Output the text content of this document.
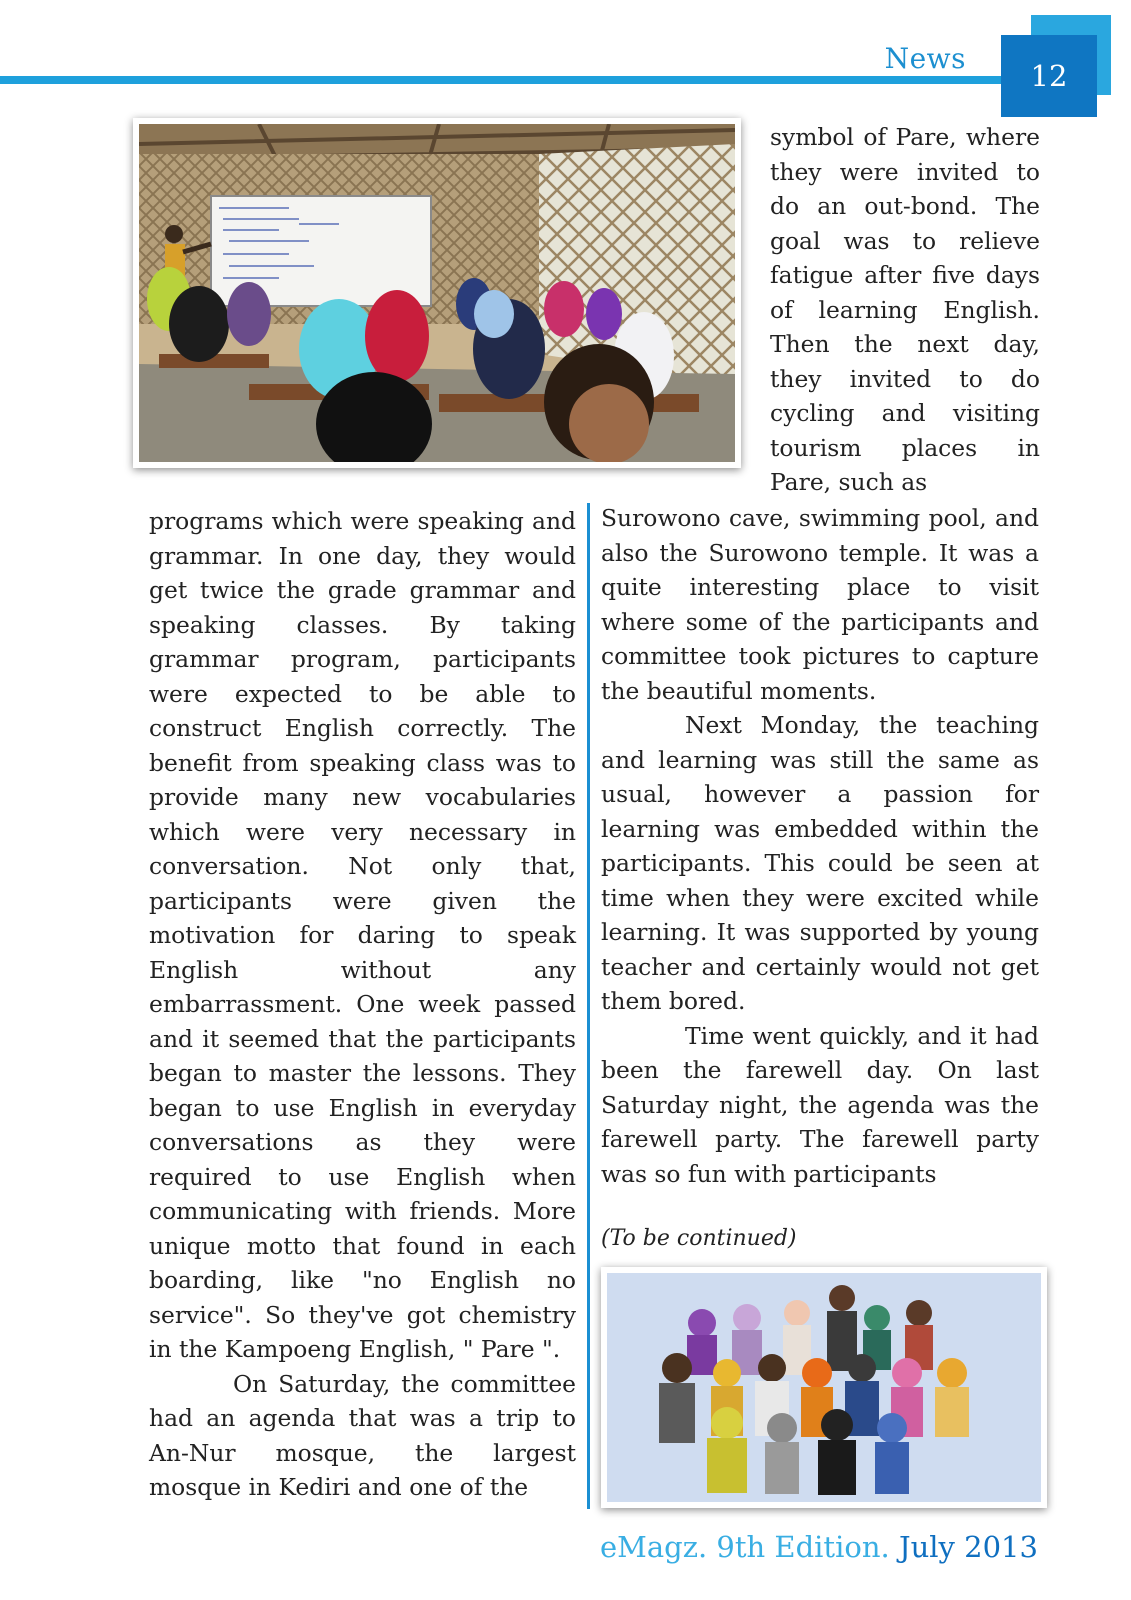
News
12

symbol of Pare, where they were invited to do an out-bond. The goal was to relieve fatigue after five days of learning English. Then the next day, they invited to do cycling and visiting tourism places in Pare, such as

programs which were speaking and grammar. In one day, they would get twice the grade grammar and speaking classes. By taking grammar program, participants were expected to be able to construct English correctly. The benefit from speaking class was to provide many new vocabularies which were very necessary in conversation. Not only that, participants were given the motivation for daring to speak English without any embarrassment. One week passed and it seemed that the participants began to master the lessons. They began to use English in everyday conversations as they were required to use English when communicating with friends. More unique motto that found in each boarding, like "no English no service". So they've got chemistry in the Kampoeng English, " Pare ".

On Saturday, the committee had an agenda that was a trip to An-Nur mosque, the largest mosque in Kediri and one of the

Surowono cave, swimming pool, and also the Surowono temple. It was a quite interesting place to visit where some of the participants and committee took pictures to capture the beautiful moments.

Next Monday, the teaching and learning was still the same as usual, however a passion for learning was embedded within the participants. This could be seen at time when they were excited while learning. It was supported by young teacher and certainly would not get them bored.

Time went quickly, and it had been the farewell day. On last Saturday night, the agenda was the farewell party. The farewell party was so fun with participants

(To be continued)
eMagz. 9th Edition. July 2013
